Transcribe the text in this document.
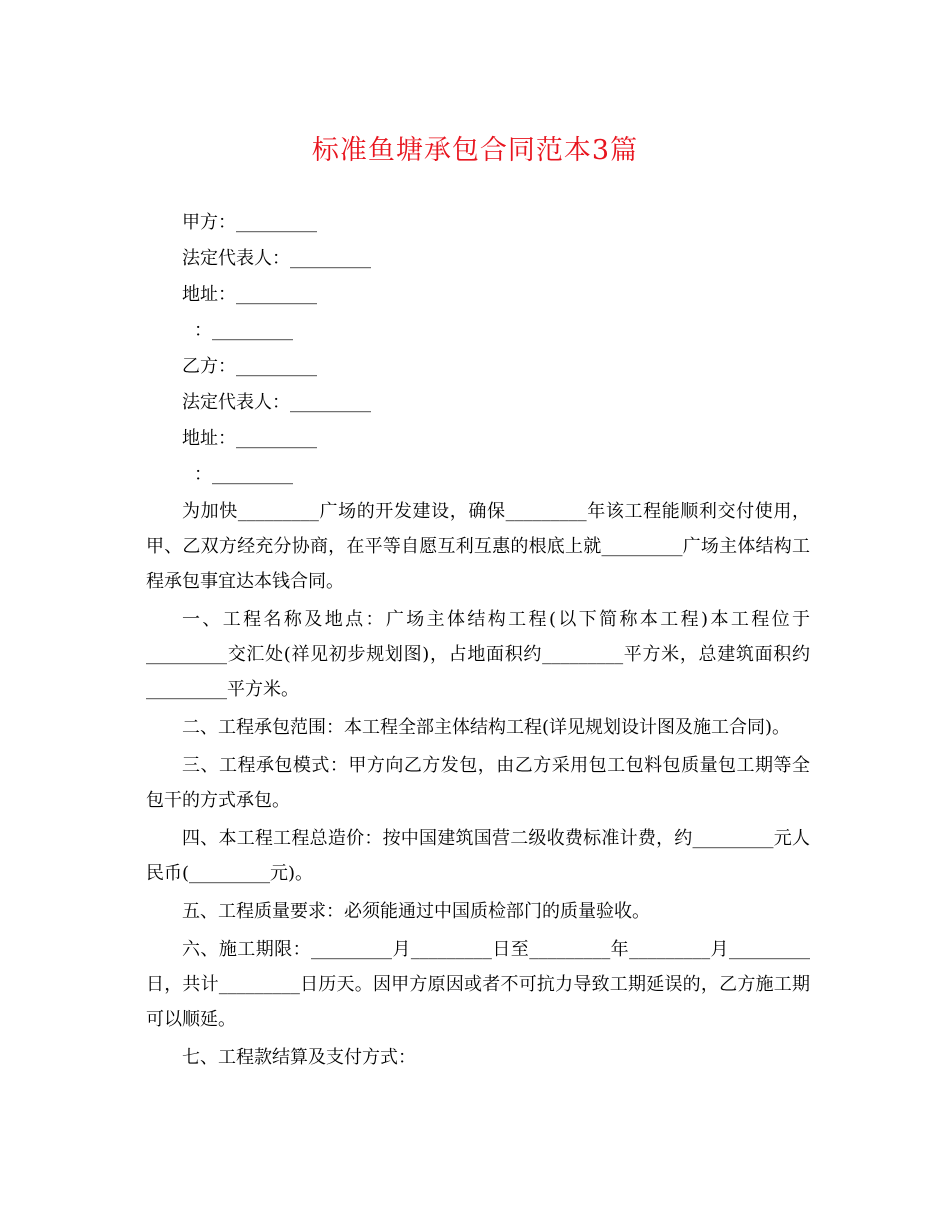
标准鱼塘承包合同范本3篇
甲方：_________
法定代表人：_________
地址：_________
：_________
乙方：_________
法定代表人：_________
地址：_________
：_________

为加快_________广场的开发建设，确保_________年该工程能顺利交付使用，甲、乙双方经充分协商，在平等自愿互利互惠的根底上就_________广场主体结构工程承包事宜达本钱合同。

一、工程名称及地点：广场主体结构工程(以下简称本工程)本工程位于_________交汇处(祥见初步规划图)，占地面积约_________平方米，总建筑面积约_________平方米。

二、工程承包范围：本工程全部主体结构工程(详见规划设计图及施工合同)。

三、工程承包模式：甲方向乙方发包，由乙方采用包工包料包质量包工期等全包干的方式承包。

四、本工程工程总造价：按中国建筑国营二级收费标准计费，约_________元人民币(_________元)。

五、工程质量要求：必须能通过中国质检部门的质量验收。

六、施工期限：_________月_________日至_________年_________月_________日，共计_________日历天。因甲方原因或者不可抗力导致工期延误的，乙方施工期可以顺延。

七、工程款结算及支付方式：
